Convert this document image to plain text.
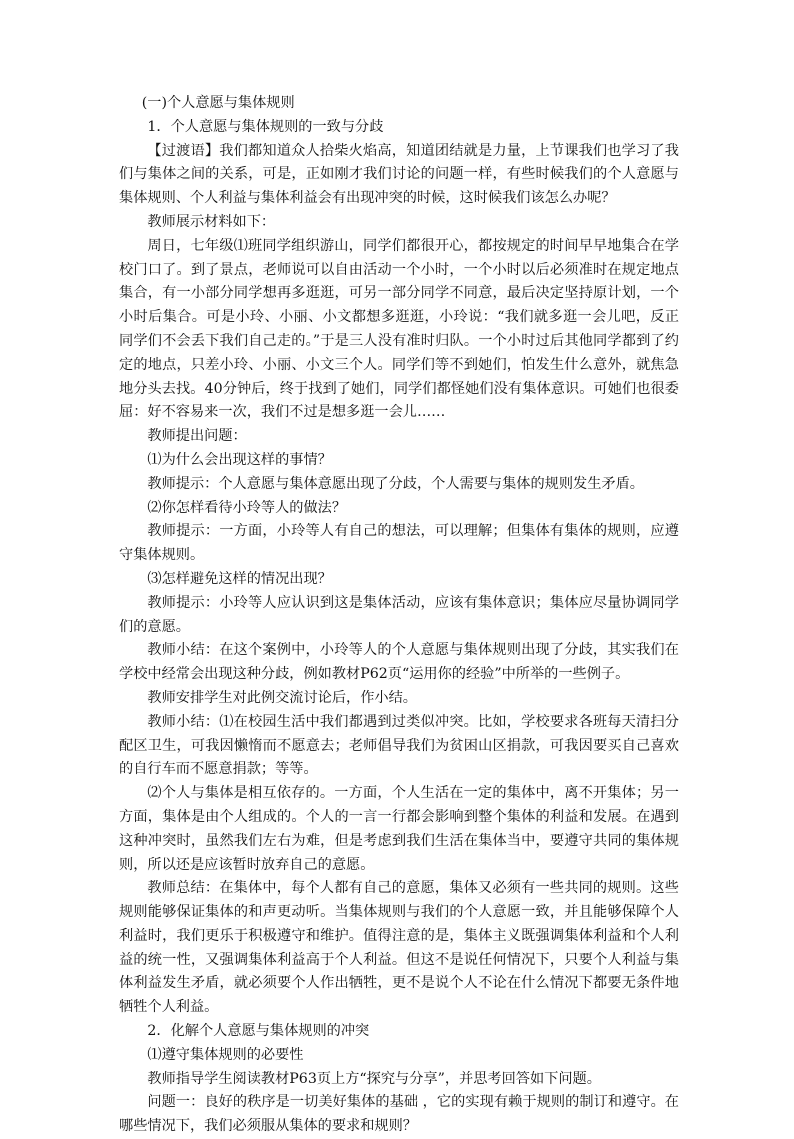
(一)个人意愿与集体规则

1．个人意愿与集体规则的一致与分歧

【过渡语】我们都知道众人拾柴火焰高，知道团结就是力量，上节课我们也学习了我们与集体之间的关系，可是，正如刚才我们讨论的问题一样，有些时候我们的个人意愿与集体规则、个人利益与集体利益会有出现冲突的时候，这时候我们该怎么办呢？

教师展示材料如下：

周日，七年级⑴班同学组织游山，同学们都很开心，都按规定的时间早早地集合在学校门口了。到了景点，老师说可以自由活动一个小时，一个小时以后必须准时在规定地点集合，有一小部分同学想再多逛逛，可另一部分同学不同意，最后决定坚持原计划，一个小时后集合。可是小玲、小丽、小文都想多逛逛，小玲说：“我们就多逛一会儿吧，反正同学们不会丢下我们自己走的。”于是三人没有准时归队。一个小时过后其他同学都到了约定的地点，只差小玲、小丽、小文三个人。同学们等不到她们，怕发生什么意外，就焦急地分头去找。40分钟后，终于找到了她们，同学们都怪她们没有集体意识。可她们也很委屈：好不容易来一次，我们不过是想多逛一会儿……

教师提出问题：

⑴为什么会出现这样的事情？

教师提示：个人意愿与集体意愿出现了分歧，个人需要与集体的规则发生矛盾。

⑵你怎样看待小玲等人的做法？

教师提示：一方面，小玲等人有自己的想法，可以理解；但集体有集体的规则，应遵守集体规则。

⑶怎样避免这样的情况出现？

教师提示：小玲等人应认识到这是集体活动，应该有集体意识；集体应尽量协调同学们的意愿。

教师小结：在这个案例中，小玲等人的个人意愿与集体规则出现了分歧，其实我们在学校中经常会出现这种分歧，例如教材P62页“运用你的经验”中所举的一些例子。

教师安排学生对此例交流讨论后，作小结。

教师小结：⑴在校园生活中我们都遇到过类似冲突。比如，学校要求各班每天清扫分配区卫生，可我因懒惰而不愿意去；老师倡导我们为贫困山区捐款，可我因要买自己喜欢的自行车而不愿意捐款；等等。

⑵个人与集体是相互依存的。一方面，个人生活在一定的集体中，离不开集体；另一方面，集体是由个人组成的。个人的一言一行都会影响到整个集体的利益和发展。在遇到这种冲突时，虽然我们左右为难，但是考虑到我们生活在集体当中，要遵守共同的集体规则，所以还是应该暂时放弃自己的意愿。

教师总结：在集体中，每个人都有自己的意愿，集体又必须有一些共同的规则。这些规则能够保证集体的和声更动听。当集体规则与我们的个人意愿一致，并且能够保障个人利益时，我们更乐于积极遵守和维护。值得注意的是，集体主义既强调集体利益和个人利益的统一性，又强调集体利益高于个人利益。但这不是说任何情况下，只要个人利益与集体利益发生矛盾，就必须要个人作出牺牲，更不是说个人不论在什么情况下都要无条件地牺牲个人利益。

2．化解个人意愿与集体规则的冲突

⑴遵守集体规则的必要性

教师指导学生阅读教材P63页上方“探究与分享”，并思考回答如下问题。

问题一：良好的秩序是一切美好集体的基础 ，它的实现有赖于规则的制订和遵守。在哪些情况下，我们必须服从集体的要求和规则？
